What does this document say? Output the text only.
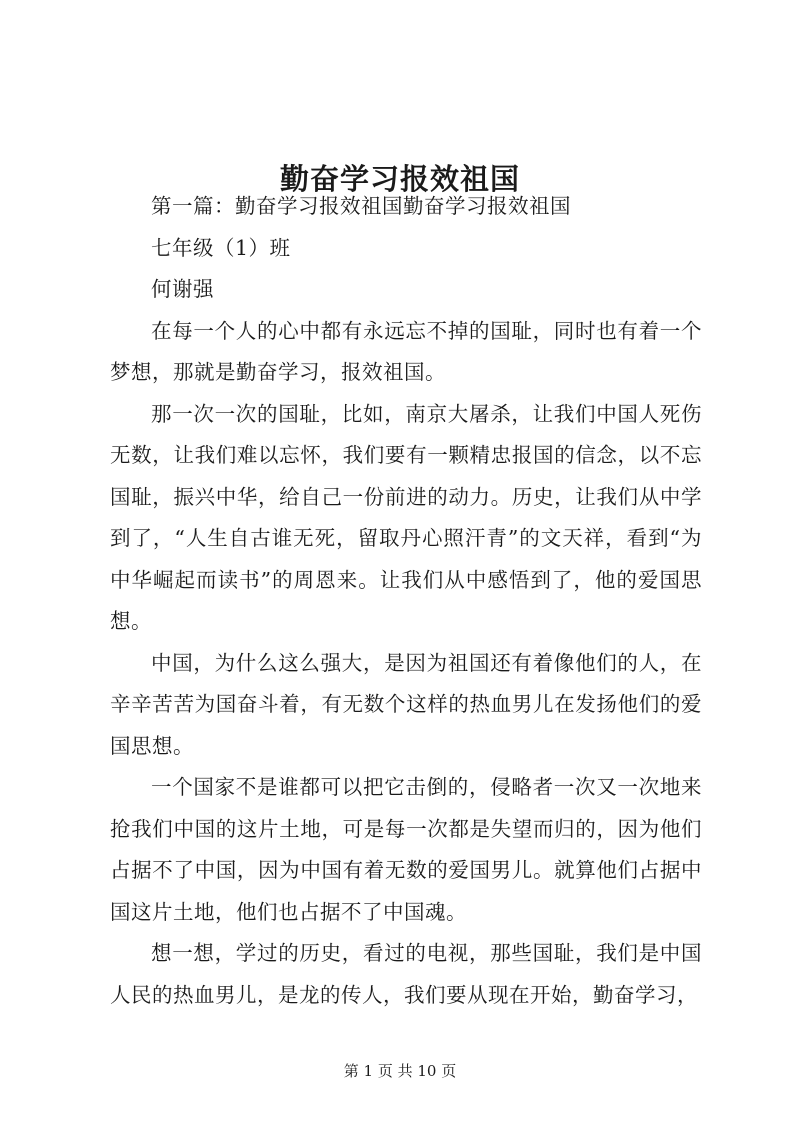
勤奋学习报效祖国

第一篇：勤奋学习报效祖国勤奋学习报效祖国

七年级（1）班

何谢强

在每一个人的心中都有永远忘不掉的国耻，同时也有着一个梦想，那就是勤奋学习，报效祖国。

那一次一次的国耻，比如，南京大屠杀，让我们中国人死伤无数，让我们难以忘怀，我们要有一颗精忠报国的信念，以不忘国耻，振兴中华，给自己一份前进的动力。历史，让我们从中学到了，“人生自古谁无死，留取丹心照汗青”的文天祥，看到“为中华崛起而读书”的周恩来。让我们从中感悟到了，他的爱国思想。

中国，为什么这么强大，是因为祖国还有着像他们的人，在辛辛苦苦为国奋斗着，有无数个这样的热血男儿在发扬他们的爱国思想。

一个国家不是谁都可以把它击倒的，侵略者一次又一次地来抢我们中国的这片土地，可是每一次都是失望而归的，因为他们占据不了中国，因为中国有着无数的爱国男儿。就算他们占据中国这片土地，他们也占据不了中国魂。

想一想，学过的历史，看过的电视，那些国耻，我们是中国人民的热血男儿，是龙的传人，我们要从现在开始，勤奋学习，

第 1 页 共 10 页
